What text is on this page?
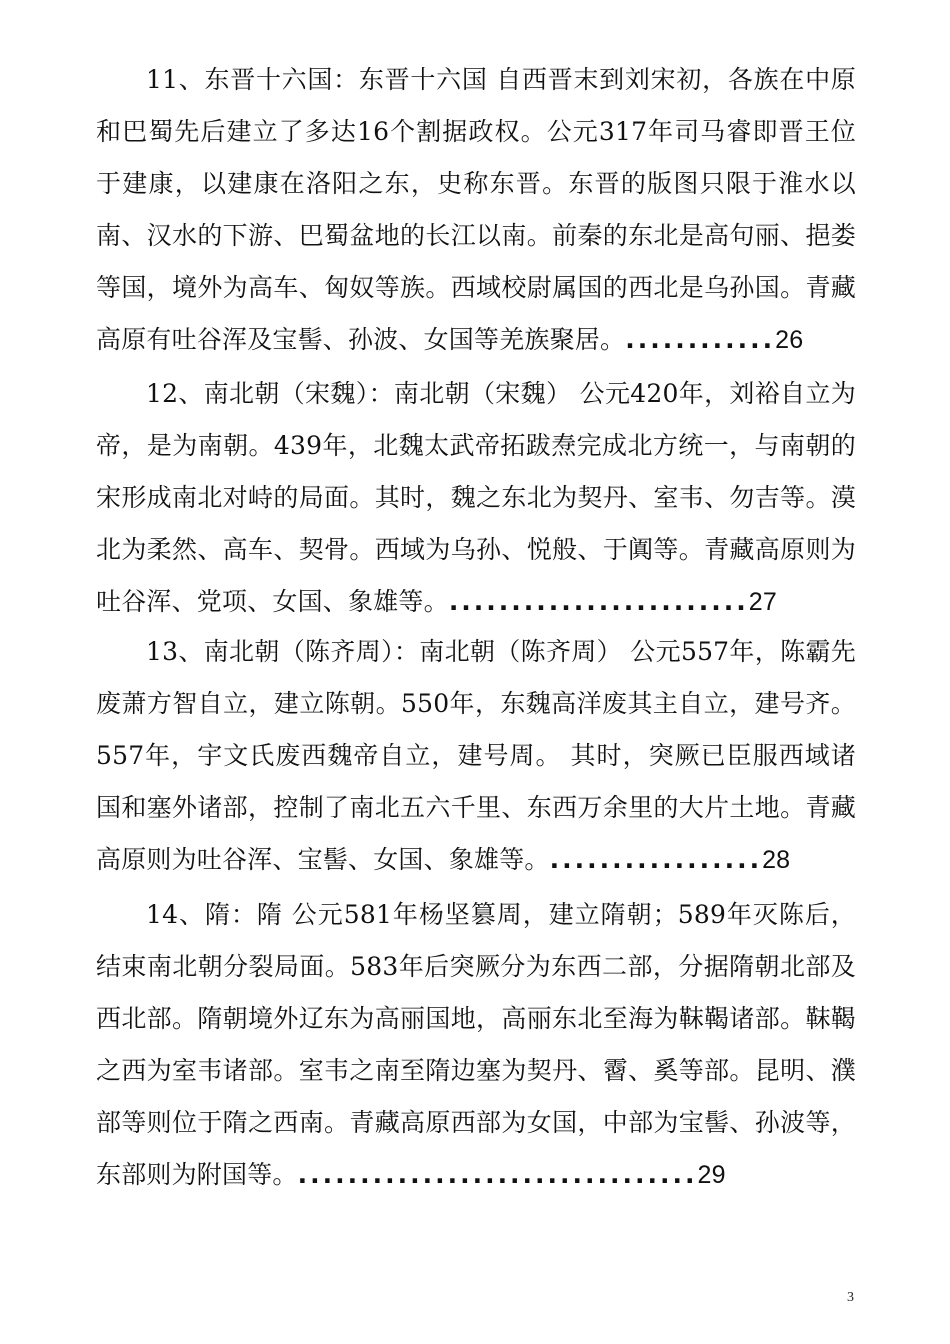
11、东晋十六国：东晋十六国 自西晋末到刘宋初，各族在中原和巴蜀先后建立了多达16个割据政权。公元317年司马睿即晋王位于建康，以建康在洛阳之东，史称东晋。东晋的版图只限于淮水以南、汉水的下游、巴蜀盆地的长江以南。前秦的东北是高句丽、挹娄等国，境外为高车、匈奴等族。西域校尉属国的西北是乌孙国。青藏高原有吐谷浑及宝髻、孙波、女国等羌族聚居。............26

12、南北朝（宋魏）：南北朝（宋魏） 公元420年，刘裕自立为帝，是为南朝。439年，北魏太武帝拓跋焘完成北方统一，与南朝的宋形成南北对峙的局面。其时，魏之东北为契丹、室韦、勿吉等。漠北为柔然、高车、契骨。西域为乌孙、悦般、于阗等。青藏高原则为吐谷浑、党项、女国、象雄等。........................27

13、南北朝（陈齐周）：南北朝（陈齐周） 公元557年，陈霸先废萧方智自立，建立陈朝。550年，东魏高洋废其主自立，建号齐。557年，宇文氏废西魏帝自立，建号周。 其时，突厥已臣服西域诸国和塞外诸部，控制了南北五六千里、东西万余里的大片土地。青藏高原则为吐谷浑、宝髻、女国、象雄等。.................28

14、隋：隋 公元581年杨坚篡周，建立隋朝；589年灭陈后，结束南北朝分裂局面。583年后突厥分为东西二部，分据隋朝北部及西北部。隋朝境外辽东为高丽国地，高丽东北至海为靺鞨诸部。靺鞨之西为室韦诸部。室韦之南至隋边塞为契丹、霫、奚等部。昆明、濮部等则位于隋之西南。青藏高原西部为女国，中部为宝髻、孙波等，东部则为附国等。................................29

3
